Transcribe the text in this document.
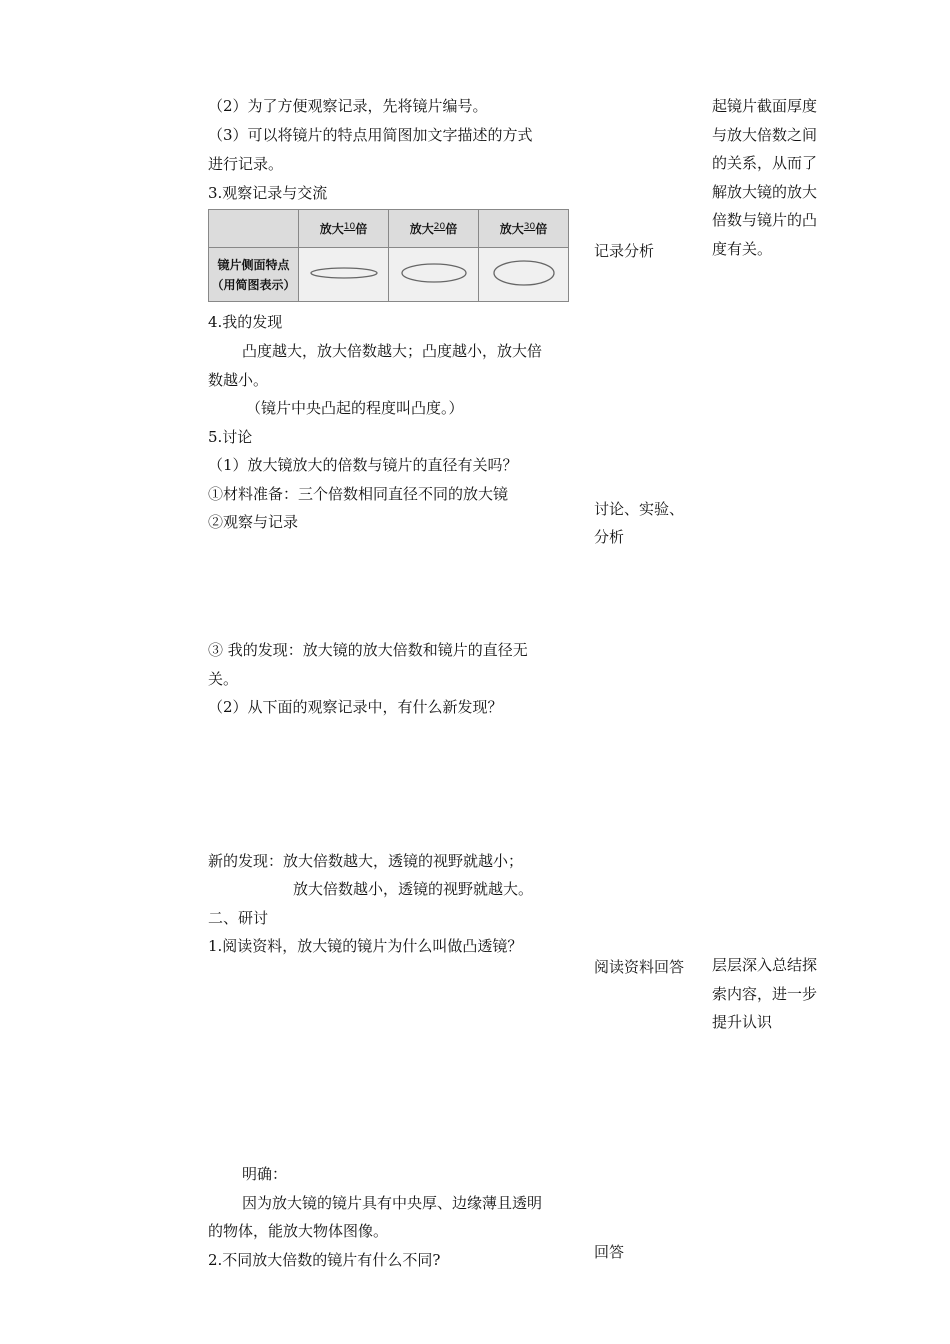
（2）为了方便观察记录，先将镜片编号。
（3）可以将镜片的特点用简图加文字描述的方式
进行记录。
3.观察记录与交流
	放大$^{10}$倍	放大$^{20}$倍	放大$^{30}$倍

镜片侧面特点
（用简图表示）

4.我的发现
凸度越大，放大倍数越大；凸度越小，放大倍
数越小。
（镜片中央凸起的程度叫凸度。）
5.讨论
（1）放大镜放大的倍数与镜片的直径有关吗？
①材料准备：三个倍数相同直径不同的放大镜
②观察与记录
③ 我的发现：放大镜的放大倍数和镜片的直径无
关。
（2）从下面的观察记录中，有什么新发现？
新的发现：放大倍数越大，透镜的视野就越小；
放大倍数越小，透镜的视野就越大。
二、研讨
1.阅读资料，放大镜的镜片为什么叫做凸透镜？
明确：
因为放大镜的镜片具有中央厚、边缘薄且透明
的物体，能放大物体图像。
2.不同放大倍数的镜片有什么不同?
记录分析
讨论、实验、
分析
阅读资料回答
回答
起镜片截面厚度
与放大倍数之间
的关系，从而了
解放大镜的放大
倍数与镜片的凸
度有关。
层层深入总结探
索内容，进一步
提升认识
